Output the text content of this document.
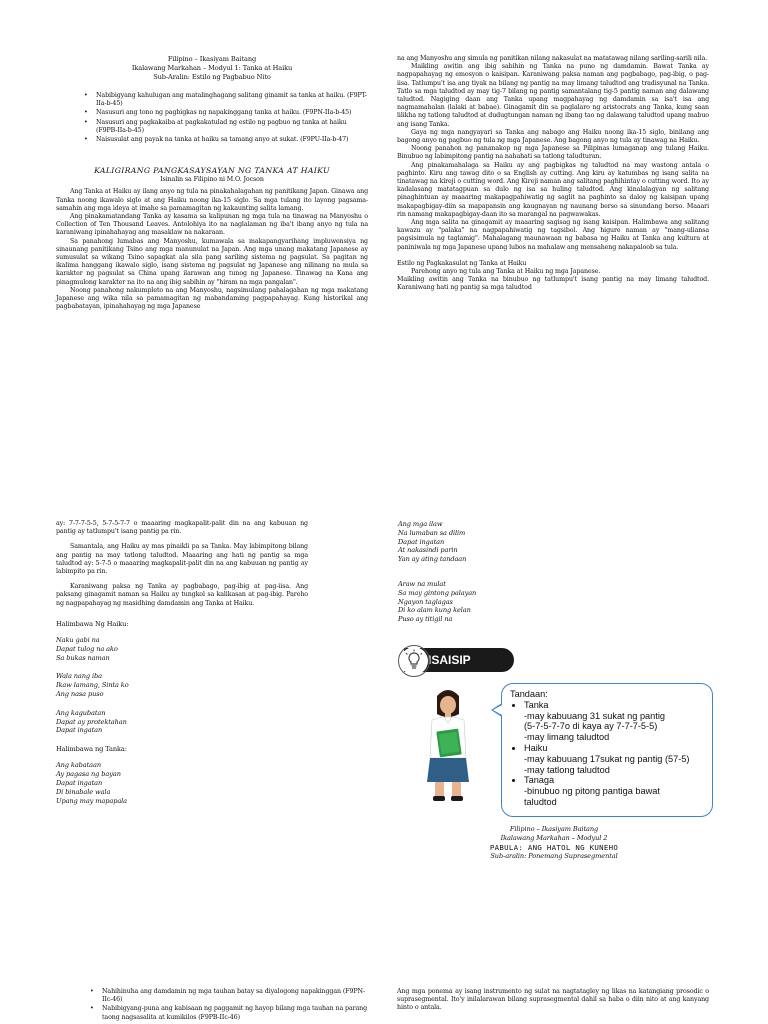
Filipino – Ikasiyam Baitang
Ikalawang Markahan – Modyul 1: Tanka at Haiku
Sub-Aralin: Estilo ng Pagbabuo Nito
• Nabibigyang kahulugan ang matalinghagang salitang ginamit sa tanka at haiku. (F9PT-IIa-b-45)
• Nasusuri ang tono ng pagbigkas ng napakinggang tanka at haiku. (F9PN-IIa-b-45)
• Nasusuri ang pagkakaiba at pagkakatulad ng estilo ng pagbuo ng tanka at haiku (F9PB-IIa-b-45)
• Naisusulat ang payak na tanka at haiku sa tamang anyo at sukat. (F9PU-IIa-b-47)
KALIGIRANG PANGKASAYSAYAN NG TANKA AT HAIKU
Isinalin sa Filipino ni M.O. Jocson

Ang Tanka at Haiku ay ilang anyo ng tula na pinakahalagahan ng panitikang Japan. Ginawa ang Tanka noong ikawalo siglo at ang Haiku noong ika-15 siglo. Sa mga tulang ito layong pagsama-samahin ang mga ideya at imahe sa pamamagitan ng kakaunting salita lamang.

Ang pinakamatandang Tanka ay kasama sa kalipunan ng mga tula na tinawag na Manyoshu o Collection of Ten Thousand Leaves. Antolohiya ito na naglalaman ng iba't ibang anyo ng tula na karaniwang ipinahahayag ang masaklaw na nakaraan.

Sa panahong lumabas ang Manyoshu, kumawala sa makapangyarihang impluwensiya ng sinaunang panitikang Tsino ang mga manunulat na Japan. Ang mga unang makatang Japanese ay sumusulat sa wikang Tsino sapagkat ala sila pang sariling sistema ng pagsulat. Sa pagitan ng ikalima hanggang ikawalo siglo, isang sistema ng pagsulat ng Japanese ang nilinang na mula sa karakter ng pagsulat sa China upang ilarawan ang tunog ng Japanese. Tinawag na Kana ang pinagmulong karakter na ito na ang ibig sabihin ay "hiram na mga pangalan".

Noong panahong nakumpleto na ang Manyoshu, nagsimulang pahalagahan ng mga makatang Japanese ang wika nila sa pamamagitan ng mabandaming pagpapahayag. Kung historikal ang pagbabatayan, ipinahahayag ng mga Japanese

na ang Manyoshu ang simula ng panitikan nilang nakasulat na matatawag nilang sariling-sarili nila.

Maikling awitin ang ibig sabihin ng Tanka na puno ng damdamin. Bawat Tanka ay nagpapahayag ng emosyon o kaisipan. Karaniwang paksa naman ang pagbabago, pag-ibig, o pag-iisa. Tatlumpu't isa ang tiyak na bilang ng pantig na may limang taludtod ang tradisyunal na Tanka. Tatlo sa mga taludtod ay may tig-7 bilang ng pantig samantalang tig-5 pantig naman ang dalawang taludtod. Nagiging daan ang Tanka upang magpahayag ng damdamin sa isa't isa ang nagmamahalan (lalaki at babae). Ginagamit din sa paglalaro ng aristocrats ang Tanka, kung saan lilikha ng tatlong taludtod at dudugtungan naman ng ibang tao ng dalawang taludtod upang mabuo ang isang Tanka.

Gaya ng mga nangyayari sa Tanka ang nabago ang Haiku noong ika-15 siglo, binilang ang bagong anyo ng pagbuo ng tula ng mga Japanese. Ang bagong anyo ng tula ay tinawag na Haiku.

Noong panahon ng pananakop ng mga Japanese sa Pilipinas lumaganap ang tulang Haiku. Binubuo ng labimpitong pantig na nahahati sa tatlong taludturan.

Ang pinakamahalaga sa Haiku ay ang pagbigkas ng taludtod na may wastong antala o paghinto. Kiru ang tawag dito o sa English ay cutting. Ang kiru ay katumbas ng isang salita na tinatawag na kireji o cutting word. Ang Kireji naman ang salitang paghihintay o cutting word. Ito ay kadalasang matatagpuan sa dulo ng isa sa huling taludtod. Ang kinalalagyan ng salitang pinaghintuan ay maaaring makapagpahiwatig ng saglit na paghinto sa daloy ng kaisipan upang makapagbigay-diin sa mapapansin ang kaugnayan ng naunang berso sa sinundang berso. Maaari rin namang makapagbigay-daan ito sa marangal na pagwawakas.

Ang mga salita na ginagamit ay maaaring sagisag ng isang kaisipan. Halimbawa ang salitang kawazu ay "palaka" na nagpapahiwatig ng tagsibol. Ang higure naman ay "mang-uliansa pagsisimula ng taglamig". Mahalagang maunawaan ng babasa ng Haiku at Tanka ang kultura at paniniwala ng mga Japanese upang lubos na mahalaw ang mensaheng nakapaloob sa tula.

Estilo ng Pagkakasulat ng Tanka at Haiku

Parehong anyo ng tula ang Tanka at Haiku ng mga Japanese.

Maikling awitin ang Tanka na binubuo ng tatlumpu't isang pantig na may limang taludtod. Karaniwang hati ng pantig sa mga taludtod

ay: 7-7-7-5-5, 5-7-5-7-7 o maaaring magkapalit-palit din na ang kabuuan ng pantig ay tatlumpu't isang pantig pa rin.

Samantala, ang Haiku ay mas pinaikli pa sa Tanka. May labimpitong bilang ang pantig na may tatlong taludtod. Maaaring ang hati ng pantig sa mga taludtod ay: 5-7-5 o maaaring magkapalit-palit din na ang kabuuan ng pantig ay labimpito pa rin.

Karaniwang paksa ng Tanka ay pagbabago, pag-ibig at pag-iisa. Ang paksang ginagamit naman sa Haiku ay tungkol sa kalikasan at pag-ibig. Pareho ng nagpapahayag ng masidhing damdamin ang Tanka at Haiku.

Halimbawa Ng Haiku:
Naku gabi na
Dapat tulog na ako
Sa bukas naman
Wala nang iba
Ikaw lamang, Sinta ko
Ang nasa puso
Ang kagubatan
Dapat ay protektahan
Dapat ingatan
Halimbawa ng Tanka:
Ang kabataan
Ay pagasa ng bayan
Dapat ingatan
Di binabale wala
Upang may mapapala
Ang mga ilaw
Na lumaban sa dilim
Dapat ingatan
At nakasindi parin
Yan ay ating tandaan
Araw na mulat
Sa may gintong palayan
Ngayon taglagas
Di ko alam kung kelan
Puso ay titigil na
ISAISIP
Tandaan:
• Tanka
-may kabuuang 31 sukat ng pantig
(5-7-5-7-7o di kaya ay 7-7-7-5-5)
-may limang taludtod
• Haiku
-may kabuuang 17sukat ng pantig (57-5)
-may tatlong taludtod
• Tanaga
-binubuo ng pitong pantiga bawat
taludtod
Filipino – Ikasiyam Baitang
Ikalawang Markahan – Modyul 2
PABULA: ANG HATOL NG KUNEHO
Sub-aralin: Ponemang Suprasegmental
• Nahihinuha ang damdamin ng mga tauhan batay sa diyalogong napakinggan (F9PN-IIc-46)
• Nabibigyang-puna ang kabisaan ng paggamit ng hayop bilang mga tauhan na parang taong nagsasalita at kumikilos (F9PB-IIc-46)

Ang mga ponema ay isang instrumento ng sulat na nagtatagley ng likas na katangiang prosodic o suprasegmental. Ito'y inilalarawan bilang suprasegmental dahil sa haba o diin nito at ang kanyang hinto o antala.
